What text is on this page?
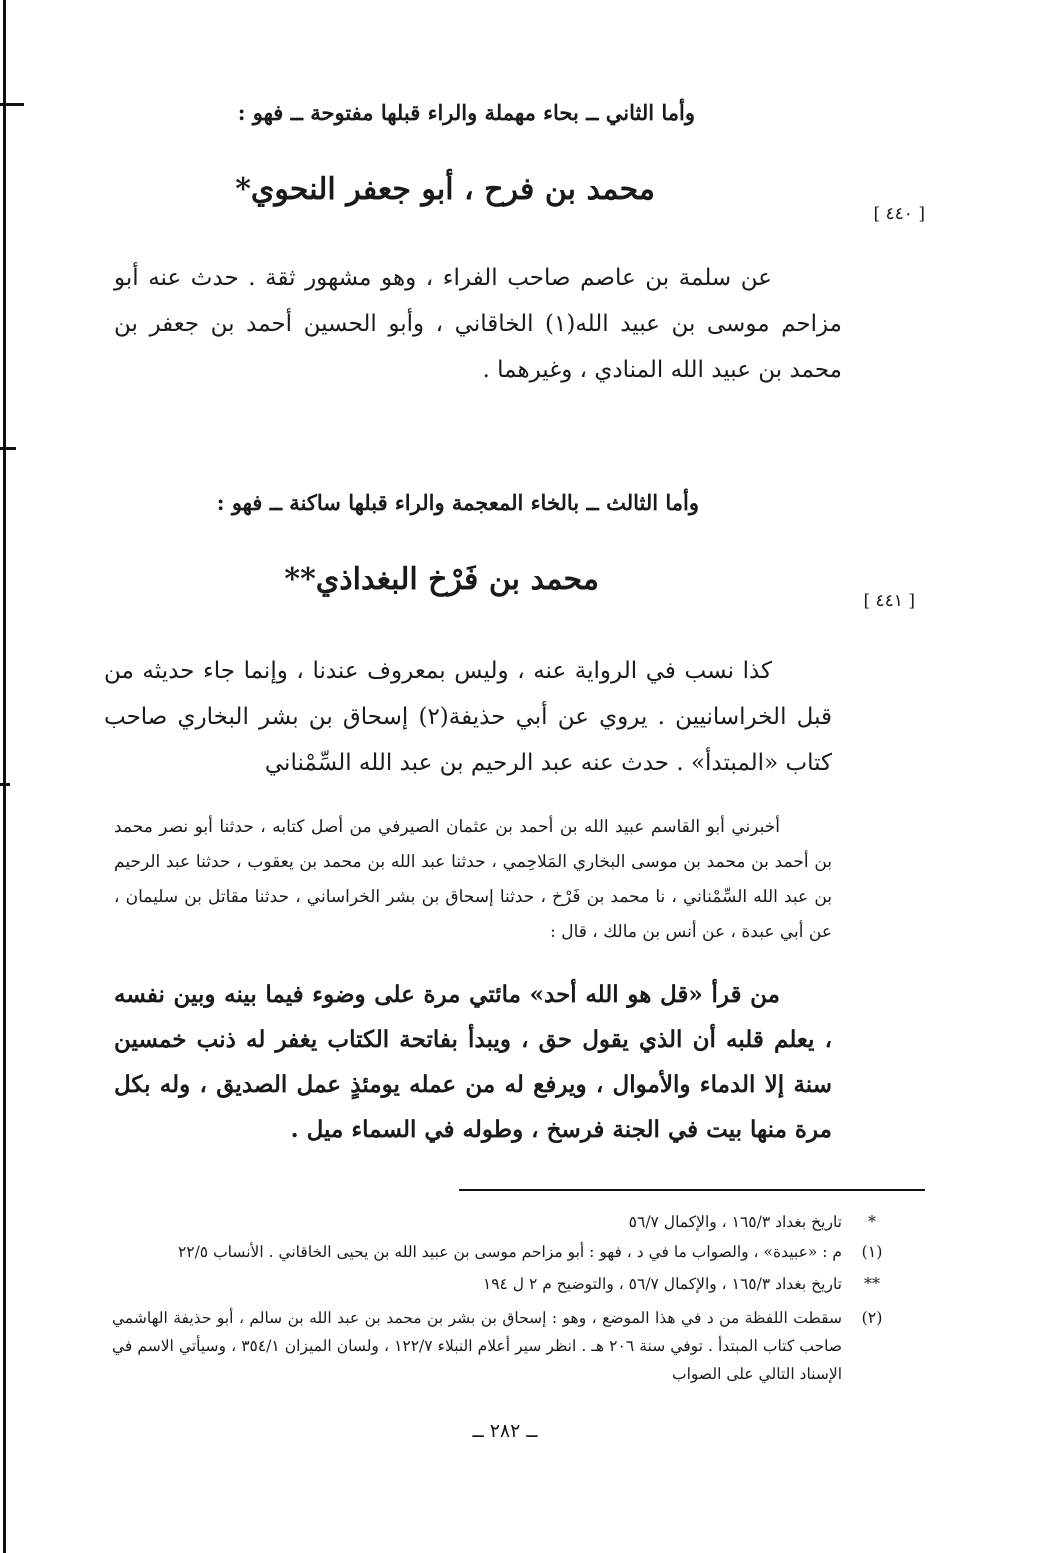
وأما الثاني ــ بحاء مهملة والراء قبلها مفتوحة ــ فهو :
[ ٤٤٠ ]
محمد بن فرح ، أبو جعفر النحوي*
عن سلمة بن عاصم صاحب الفراء ، وهو مشهور ثقة . حدث عنه أبو مزاحم موسى بن عبيد الله(١) الخاقاني ، وأبو الحسين أحمد بن جعفر بن محمد بن عبيد الله المنادي ، وغيرهما .
وأما الثالث ــ بالخاء المعجمة والراء قبلها ساكنة ــ فهو :
[ ٤٤١ ]
محمد بن فَرْخ البغداذي**
كذا نسب في الرواية عنه ، وليس بمعروف عندنا ، وإنما جاء حديثه من قبل الخراسانيين . يروي عن أبي حذيفة(٢) إسحاق بن بشر البخاري صاحب كتاب «المبتدأ» . حدث عنه عبد الرحيم بن عبد الله السِّمْناني
أخبرني أبو القاسم عبيد الله بن أحمد بن عثمان الصيرفي من أصل كتابه ، حدثنا أبو نصر محمد بن أحمد بن محمد بن موسى البخاري المَلاحِمي ، حدثنا عبد الله بن محمد بن يعقوب ، حدثنا عبد الرحيم بن عبد الله السِّمْناني ، نا محمد بن فَرْخ ، حدثنا إسحاق بن بشر الخراساني ، حدثنا مقاتل بن سليمان ، عن أبي عبدة ، عن أنس بن مالك ، قال :
من قرأ «قل هو الله أحد» مائتي مرة على وضوء فيما بينه وبين نفسه ، يعلم قلبه أن الذي يقول حق ، ويبدأ بفاتحة الكتاب يغفر له ذنب خمسين سنة إلا الدماء والأموال ، ويرفع له من عمله يومئذٍ عمل الصديق ، وله بكل مرة منها بيت في الجنة فرسخ ، وطوله في السماء ميل .
*
تاريخ بغداد ١٦٥/٣ ، والإكمال ٥٦/٧
(١)
م : «عبيدة» ، والصواب ما في د ، فهو : أبو مزاحم موسى بن عبيد الله بن يحيى الخاقاني . الأنساب ٢٢/٥
**
تاريخ بغداد ١٦٥/٣ ، والإكمال ٥٦/٧ ، والتوضيح م ٢ ل ١٩٤
(٢)
سقطت اللفظة من د في هذا الموضع ، وهو : إسحاق بن بشر بن محمد بن عبد الله بن سالم ، أبو حذيفة الهاشمي صاحب كتاب المبتدأ . توفي سنة ٢٠٦ هـ . انظر سير أعلام النبلاء ١٢٢/٧ ، ولسان الميزان ٣٥٤/١ ، وسيأتي الاسم في الإسناد التالي على الصواب
ــ ٢٨٢ ــ
